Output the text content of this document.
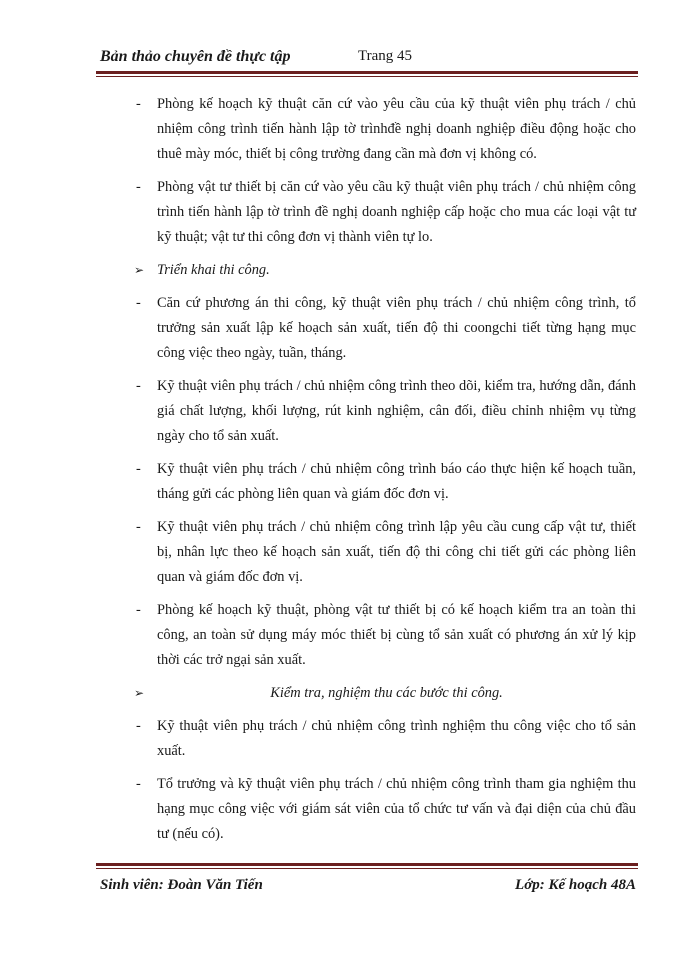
Bản thảo chuyên đề thực tập	Trang 45
- Phòng kế hoạch kỹ thuật căn cứ vào yêu cầu của kỹ thuật viên phụ trách / chủ nhiệm công trình tiến hành lập tờ trìnhđề nghị doanh nghiệp điều động hoặc cho thuê mày móc, thiết bị công trường đang cần mà đơn vị không có.
- Phòng vật tư thiết bị căn cứ vào yêu cầu kỹ thuật viên phụ trách / chủ nhiệm công trình tiến hành lập tờ trình đề nghị doanh nghiệp cấp hoặc cho mua các loại vật tư kỹ thuật; vật tư thi công đơn vị thành viên tự lo.
➢ Triển khai thi công.
- Căn cứ phương án thi công, kỹ thuật viên phụ trách / chủ nhiệm công trình, tổ trưởng sản xuất lập kế hoạch sản xuất, tiến độ thi coongchi tiết từng hạng mục công việc theo ngày, tuần, tháng.
- Kỹ thuật viên phụ trách / chủ nhiệm công trình theo dõi, kiểm tra, hướng dẫn, đánh giá chất lượng, khối lượng, rút kinh nghiệm, cân đối, điều chỉnh nhiệm vụ từng ngày cho tổ sản xuất.
- Kỹ thuật viên phụ trách / chủ nhiệm công trình báo cáo thực hiện kế hoạch tuần, tháng gửi các phòng liên quan và giám đốc đơn vị.
- Kỹ thuật viên phụ trách / chủ nhiệm công trình lập yêu cầu cung cấp vật tư, thiết bị, nhân lực theo kế hoạch sản xuất, tiến độ thi công chi tiết gửi các phòng liên quan và giám đốc đơn vị.
- Phòng kế hoạch kỹ thuật, phòng vật tư thiết bị có kế hoạch kiểm tra an toàn thi công, an toàn sử dụng máy móc thiết bị cùng tổ sản xuất có phương án xử lý kịp thời các trở ngại sản xuất.
➢	Kiểm tra, nghiệm thu các bước thi công.
- Kỹ thuật viên phụ trách / chủ nhiệm công trình nghiệm thu công việc cho tổ sản xuất.
- Tổ trưởng và kỹ thuật viên phụ trách / chủ nhiệm công trình tham gia nghiệm thu hạng mục công việc với giám sát viên của tổ chức tư vấn và đại diện của chủ đầu tư (nếu có).
Sinh viên: Đoàn Văn Tiến	Lớp: Kế hoạch 48A
